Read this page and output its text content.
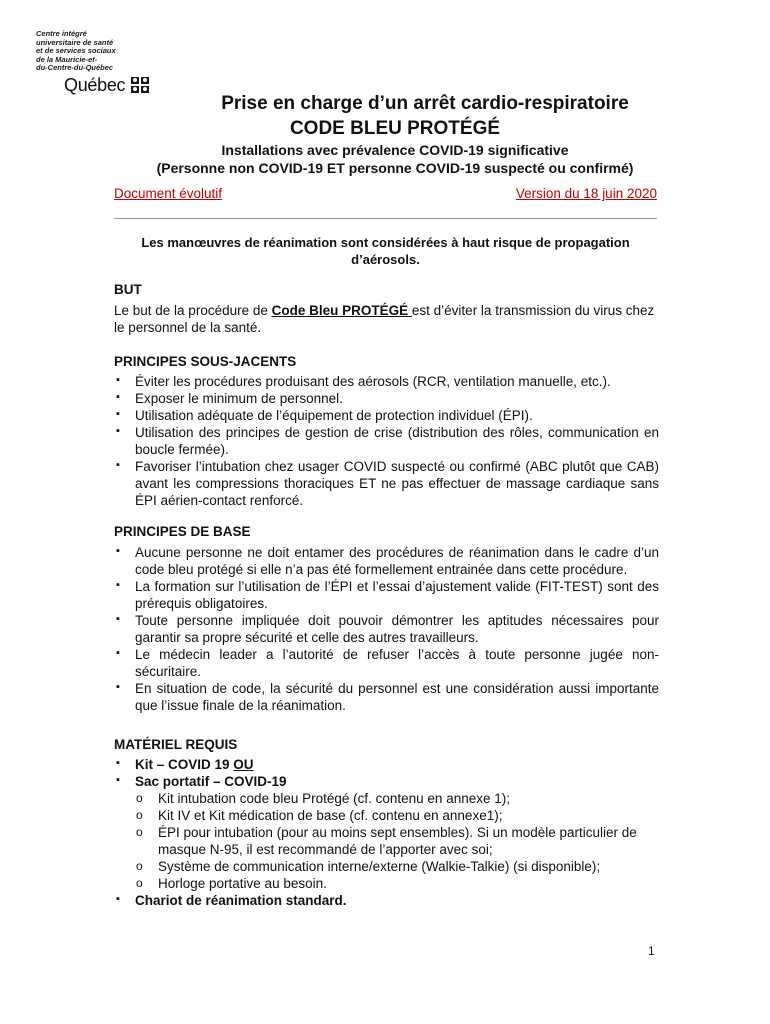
Centre intégré
universitaire de santé
et de services sociaux
de la Mauricie-et-
du-Centre-du-Québec
Québec
Prise en charge d’un arrêt cardio-respiratoire
CODE BLEU PROTÉGÉ
Installations avec prévalence COVID-19 significative
(Personne non COVID-19 ET personne COVID-19 suspecté ou confirmé)
Document évolutif	Version du 18 juin 2020
Les manœuvres de réanimation sont considérées à haut risque de propagation d’aérosols.
BUT
Le but de la procédure de Code Bleu PROTÉGÉ est d’éviter la transmission du virus chez le personnel de la santé.
PRINCIPES SOUS-JACENTS
▪ Éviter les procédures produisant des aérosols (RCR, ventilation manuelle, etc.).
▪ Exposer le minimum de personnel.
▪ Utilisation adéquate de l’équipement de protection individuel (ÉPI).
▪ Utilisation des principes de gestion de crise (distribution des rôles, communication en boucle fermée).
▪ Favoriser l’intubation chez usager COVID suspecté ou confirmé (ABC plutôt que CAB) avant les compressions thoraciques ET ne pas effectuer de massage cardiaque sans ÉPI aérien-contact renforcé.
PRINCIPES DE BASE
▪ Aucune personne ne doit entamer des procédures de réanimation dans le cadre d’un code bleu protégé si elle n’a pas été formellement entrainée dans cette procédure.
▪ La formation sur l’utilisation de l’ÉPI et l’essai d’ajustement valide (FIT-TEST) sont des prérequis obligatoires.
▪ Toute personne impliquée doit pouvoir démontrer les aptitudes nécessaires pour garantir sa propre sécurité et celle des autres travailleurs.
▪ Le médecin leader a l’autorité de refuser l’accès à toute personne jugée non-sécuritaire.
▪ En situation de code, la sécurité du personnel est une considération aussi importante que l’issue finale de la réanimation.
MATÉRIEL REQUIS
▪ Kit – COVID 19 OU
▪ Sac portatif – COVID-19
o Kit intubation code bleu Protégé (cf. contenu en annexe 1);
o Kit IV et Kit médication de base (cf. contenu en annexe1);
o ÉPI pour intubation (pour au moins sept ensembles). Si un modèle particulier de masque N-95, il est recommandé de l’apporter avec soi;
o Système de communication interne/externe (Walkie-Talkie) (si disponible);
o Horloge portative au besoin.
▪ Chariot de réanimation standard.
1
